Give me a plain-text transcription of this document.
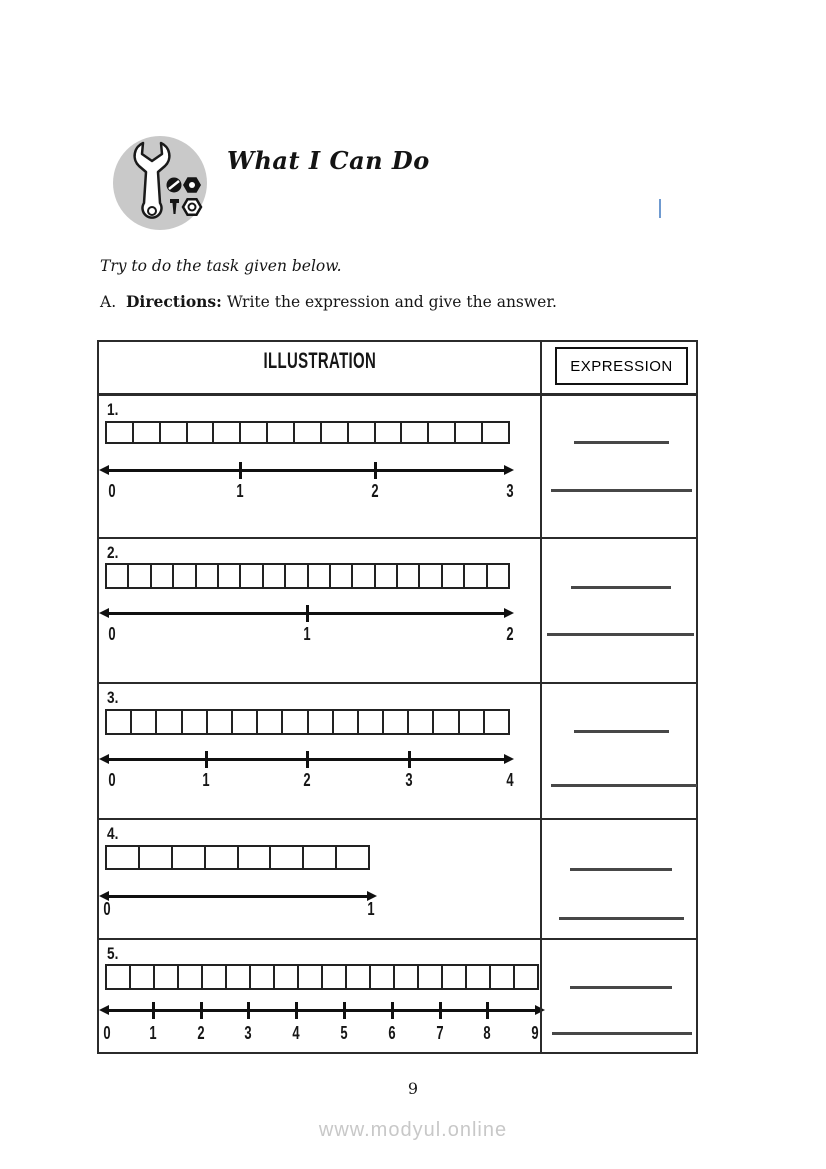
What I Can Do
Try to do the task given below.
A. Directions: Write the expression and give the answer.
ILLUSTRATION	EXPRESSION
1.
0	1	2	3
2.
0	1	2
3.
0	1	2	3	4
4.
0	1
5.
0 1 2 3 4 5 6 7 8 9
9
www.modyul.online
